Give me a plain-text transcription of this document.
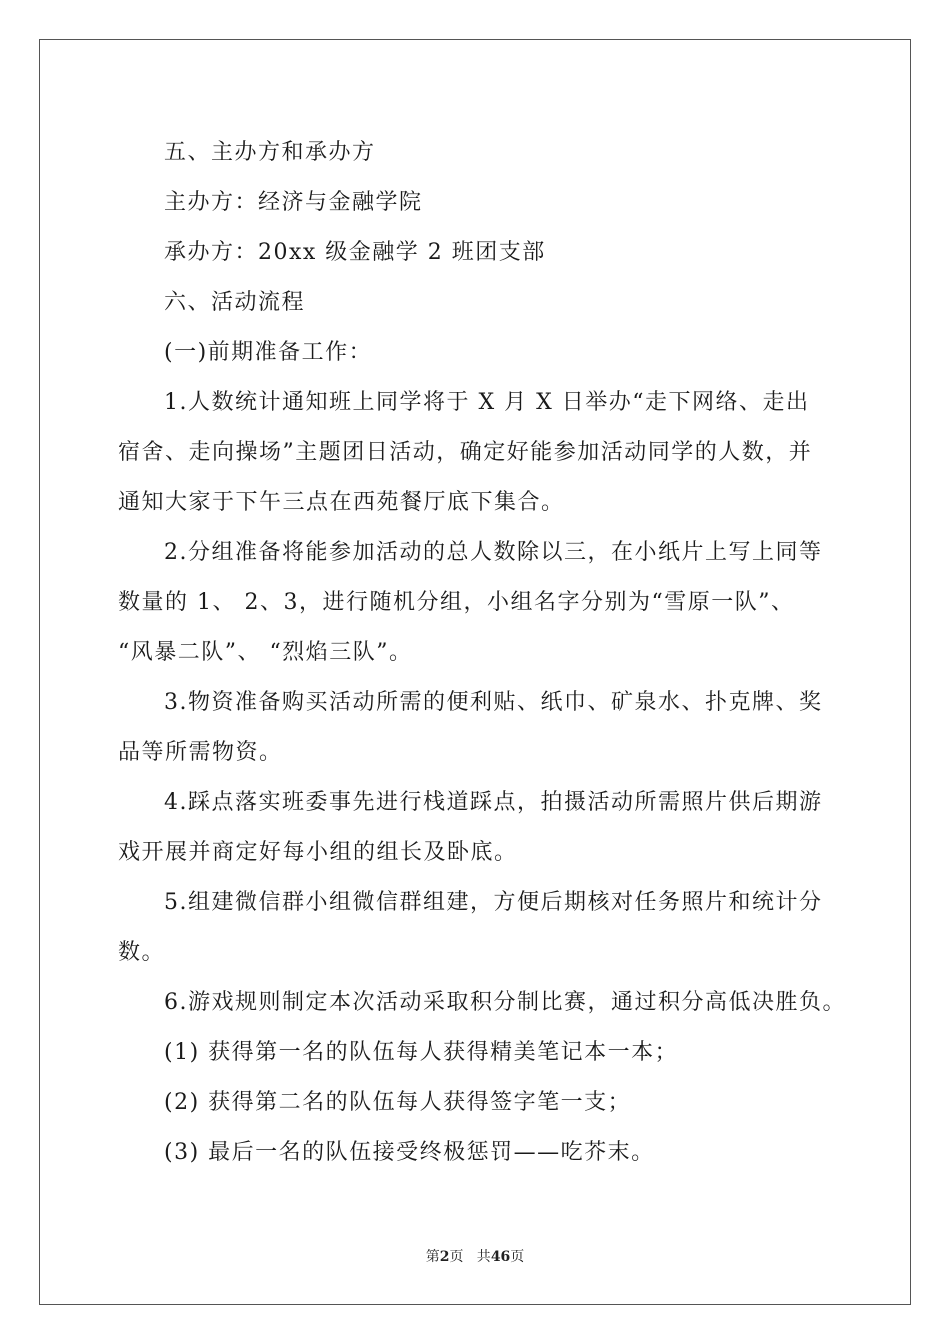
五、主办方和承办方
主办方：经济与金融学院
承办方：20xx 级金融学 2 班团支部
六、活动流程
(一)前期准备工作：
1.人数统计通知班上同学将于 X 月 X 日举办“走下网络、走出
宿舍、走向操场”主题团日活动，确定好能参加活动同学的人数，并
通知大家于下午三点在西苑餐厅底下集合。
2.分组准备将能参加活动的总人数除以三，在小纸片上写上同等
数量的 1、 2、3，进行随机分组，小组名字分别为“雪原一队”、
“风暴二队”、 “烈焰三队”。
3.物资准备购买活动所需的便利贴、纸巾、矿泉水、扑克牌、奖
品等所需物资。
4.踩点落实班委事先进行栈道踩点，拍摄活动所需照片供后期游
戏开展并商定好每小组的组长及卧底。
5.组建微信群小组微信群组建，方便后期核对任务照片和统计分
数。
6.游戏规则制定本次活动采取积分制比赛，通过积分高低决胜负。
(1) 获得第一名的队伍每人获得精美笔记本一本；
(2) 获得第二名的队伍每人获得签字笔一支；
(3) 最后一名的队伍接受终极惩罚——吃芥末。
第2页   共46页
